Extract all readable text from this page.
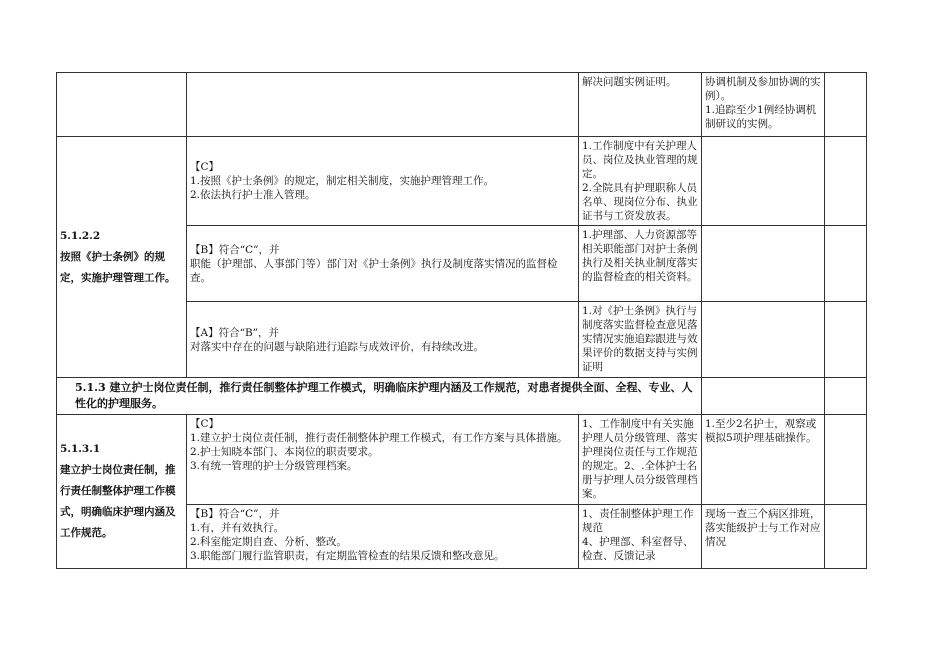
		解决问题实例证明。	协调机制及参加协调的实例）。
1.追踪至少1例经协调机制研议的实例。	

5.1.2.2
按照《护士条例》的规定，实施护理管理工作。	【C】
1.按照《护士条例》的规定，制定相关制度，实施护理管理工作。
2.依法执行护士准入管理。	1.工作制度中有关护理人员、岗位及执业管理的规定。
2.全院具有护理职称人员名单、现岗位分布、执业证书与工资发放表。		

	【B】符合“C”，并
职能（护理部、人事部门等）部门对《护士条例》执行及制度落实情况的监督检查。	1.护理部、人力资源部等相关职能部门对护士条例执行及相关执业制度落实的监督检查的相关资料。		

	【A】符合“B”，并
对落实中存在的问题与缺陷进行追踪与成效评价，有持续改进。	1.对《护士条例》执行与制度落实监督检查意见落实情况实施追踪跟进与效果评价的数据支持与实例证明		

5.1.3 建立护士岗位责任制，推行责任制整体护理工作模式，明确临床护理内涵及工作规范，对患者提供全面、全程、专业、人性化的护理服务。				

5.1.3.1
建立护士岗位责任制，推行责任制整体护理工作模式，明确临床护理内涵及工作规范。	【C】
1.建立护士岗位责任制，推行责任制整体护理工作模式，有工作方案与具体措施。
2.护士知晓本部门、本岗位的职责要求。
3.有统一管理的护士分级管理档案。	1、工作制度中有关实施护理人员分级管理、落实护理岗位责任与工作规范的规定。2、.全体护士名册与护理人员分级管理档案。	1.至少2名护士，观察或模拟5项护理基础操作。	

	【B】符合“C”，并
1.有，并有效执行。
2.科室能定期自查、分析、整改。
3.职能部门履行监管职责，有定期监管检查的结果反馈和整改意见。	1、责任制整体护理工作规范
4、护理部、科室督导、检查、反馈记录	现场一查三个病区排班，落实能级护士与工作对应情况	
